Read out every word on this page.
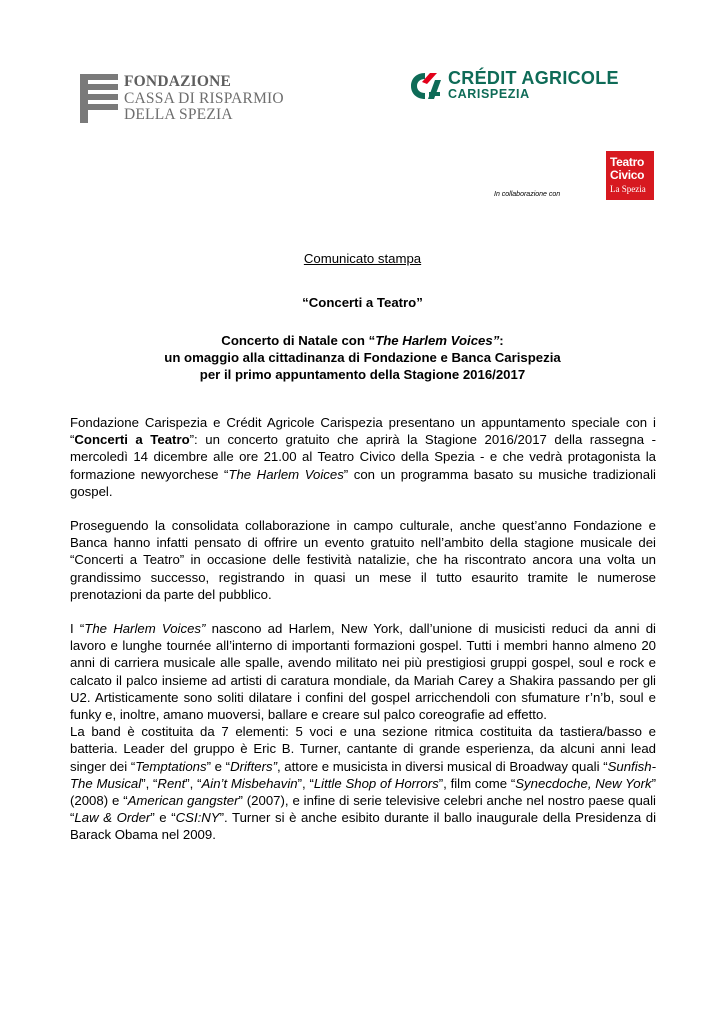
FONDAZIONE
CASSA DI RISPARMIO
DELLA SPEZIA
CRÉDIT AGRICOLE
CARISPEZIA
In collaborazione con
Teatro
Civico
La Spezia
Comunicato stampa
“Concerti a Teatro”
Concerto di Natale con “The Harlem Voices”:
un omaggio alla cittadinanza di Fondazione e Banca Carispezia
per il primo appuntamento della Stagione 2016/2017

Fondazione Carispezia e Crédit Agricole Carispezia presentano un appuntamento speciale con i “Concerti a Teatro”: un concerto gratuito che aprirà la Stagione 2016/2017 della rassegna - mercoledì 14 dicembre alle ore 21.00 al Teatro Civico della Spezia - e che vedrà protagonista la formazione newyorchese “The Harlem Voices” con un programma basato su musiche tradizionali gospel.

Proseguendo la consolidata collaborazione in campo culturale, anche quest’anno Fondazione e Banca hanno infatti pensato di offrire un evento gratuito nell’ambito della stagione musicale dei “Concerti a Teatro” in occasione delle festività natalizie, che ha riscontrato ancora una volta un grandissimo successo, registrando in quasi un mese il tutto esaurito tramite le numerose prenotazioni da parte del pubblico.

I “The Harlem Voices” nascono ad Harlem, New York, dall’unione di musicisti reduci da anni di lavoro e lunghe tournée all’interno di importanti formazioni gospel. Tutti i membri hanno almeno 20 anni di carriera musicale alle spalle, avendo militato nei più prestigiosi gruppi gospel, soul e rock e calcato il palco insieme ad artisti di caratura mondiale, da Mariah Carey a Shakira passando per gli U2. Artisticamente sono soliti dilatare i confini del gospel arricchendoli con sfumature r’n’b, soul e funky e, inoltre, amano muoversi, ballare e creare sul palco coreografie ad effetto.

La band è costituita da 7 elementi: 5 voci e una sezione ritmica costituita da tastiera/basso e batteria. Leader del gruppo è Eric B. Turner, cantante di grande esperienza, da alcuni anni lead singer dei “Temptations” e “Drifters”, attore e musicista in diversi musical di Broadway quali “Sunfish-The Musical”, “Rent”, “Ain’t Misbehavin”, “Little Shop of Horrors”, film come “Synecdoche, New York” (2008) e “American gangster” (2007), e infine di serie televisive celebri anche nel nostro paese quali “Law & Order” e “CSI:NY”. Turner si è anche esibito durante il ballo inaugurale della Presidenza di Barack Obama nel 2009.
